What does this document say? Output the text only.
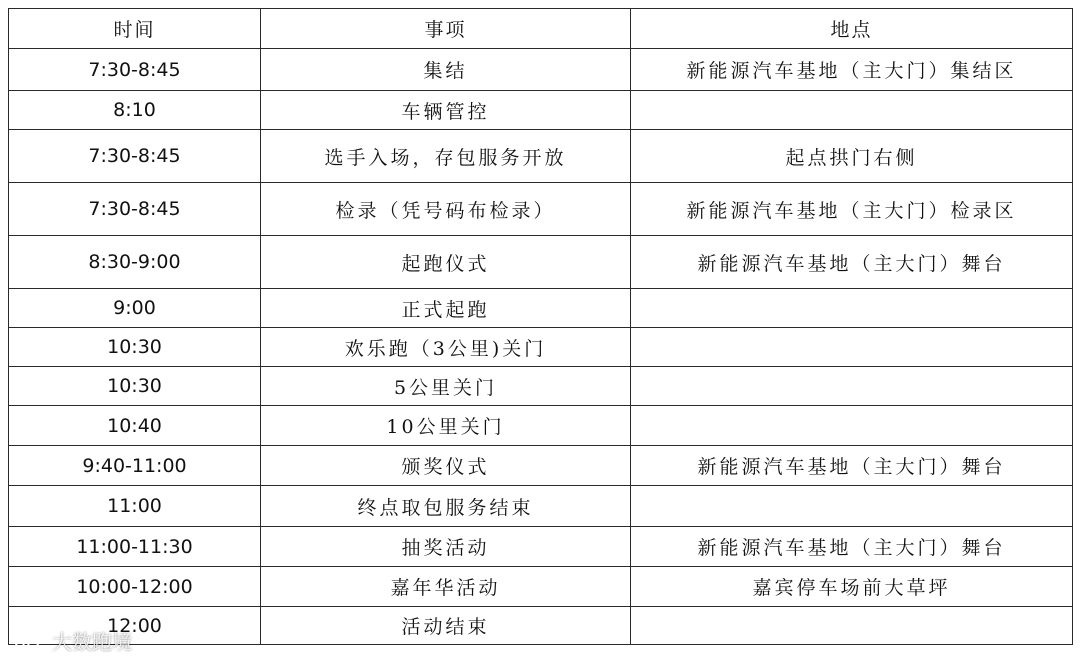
时间	事项	地点
7:30-8:45	集结	新能源汽车基地（主大门）集结区
8:10	车辆管控	
7:30-8:45	选手入场，存包服务开放	起点拱门右侧
7:30-8:45	检录（凭号码布检录）	新能源汽车基地（主大门）检录区
8:30-9:00	起跑仪式	新能源汽车基地（主大门）舞台
9:00	正式起跑	
10:30	欢乐跑（3公里)关门	
10:30	5公里关门	
10:40	10公里关门	
9:40-11:00	颁奖仪式	新能源汽车基地（主大门）舞台
11:00	终点取包服务结束	
11:00-11:30	抽奖活动	新能源汽车基地（主大门）舞台
10:00-12:00	嘉年华活动	嘉宾停车场前大草坪
12:00	活动结束	
大数跑境
